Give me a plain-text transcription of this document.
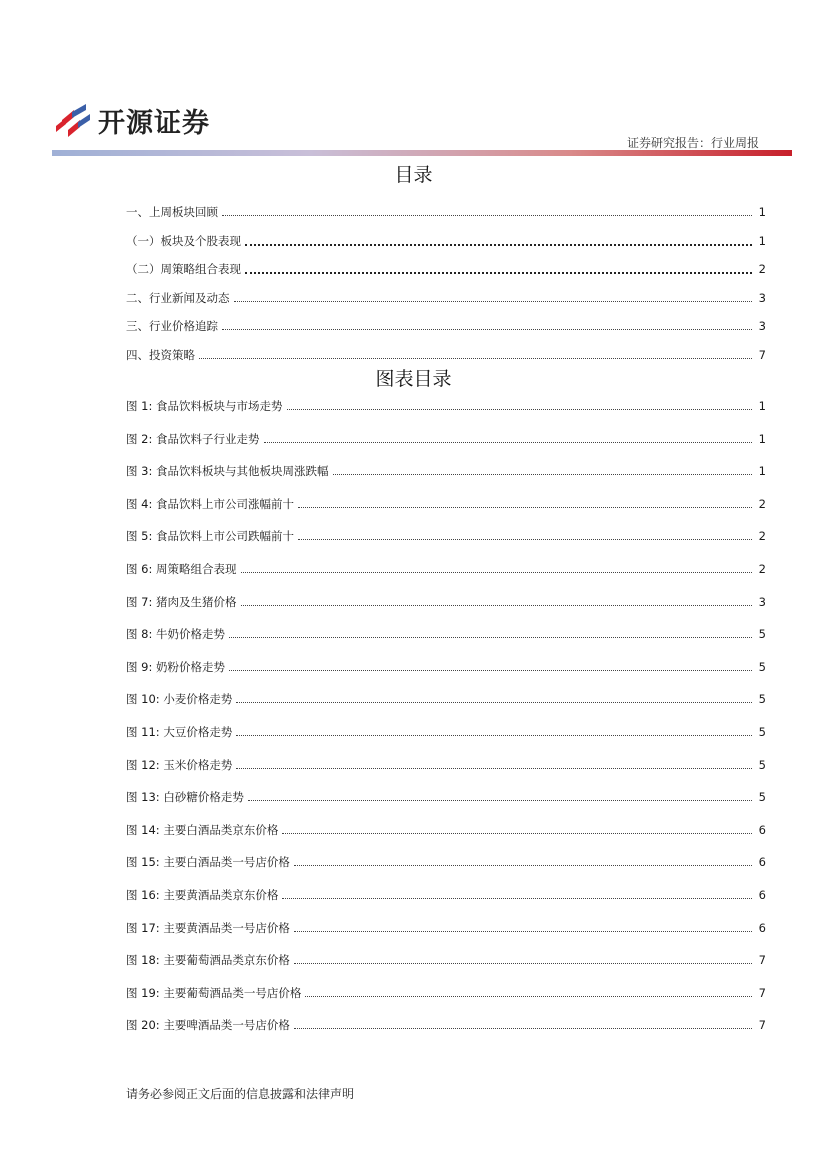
开源证券
证券研究报告：行业周报
目录
一、上周板块回顾	1
（一）板块及个股表现	1
（二）周策略组合表现	2
二、行业新闻及动态	3
三、行业价格追踪	3
四、投资策略	7
图表目录
图 1: 食品饮料板块与市场走势	1
图 2: 食品饮料子行业走势	1
图 3: 食品饮料板块与其他板块周涨跌幅	1
图 4: 食品饮料上市公司涨幅前十	2
图 5: 食品饮料上市公司跌幅前十	2
图 6: 周策略组合表现	2
图 7: 猪肉及生猪价格	3
图 8: 牛奶价格走势	5
图 9: 奶粉价格走势	5
图 10: 小麦价格走势	5
图 11: 大豆价格走势	5
图 12: 玉米价格走势	5
图 13: 白砂糖价格走势	5
图 14: 主要白酒品类京东价格	6
图 15: 主要白酒品类一号店价格	6
图 16: 主要黄酒品类京东价格	6
图 17: 主要黄酒品类一号店价格	6
图 18: 主要葡萄酒品类京东价格	7
图 19: 主要葡萄酒品类一号店价格	7
图 20: 主要啤酒品类一号店价格	7
请务必参阅正文后面的信息披露和法律声明
